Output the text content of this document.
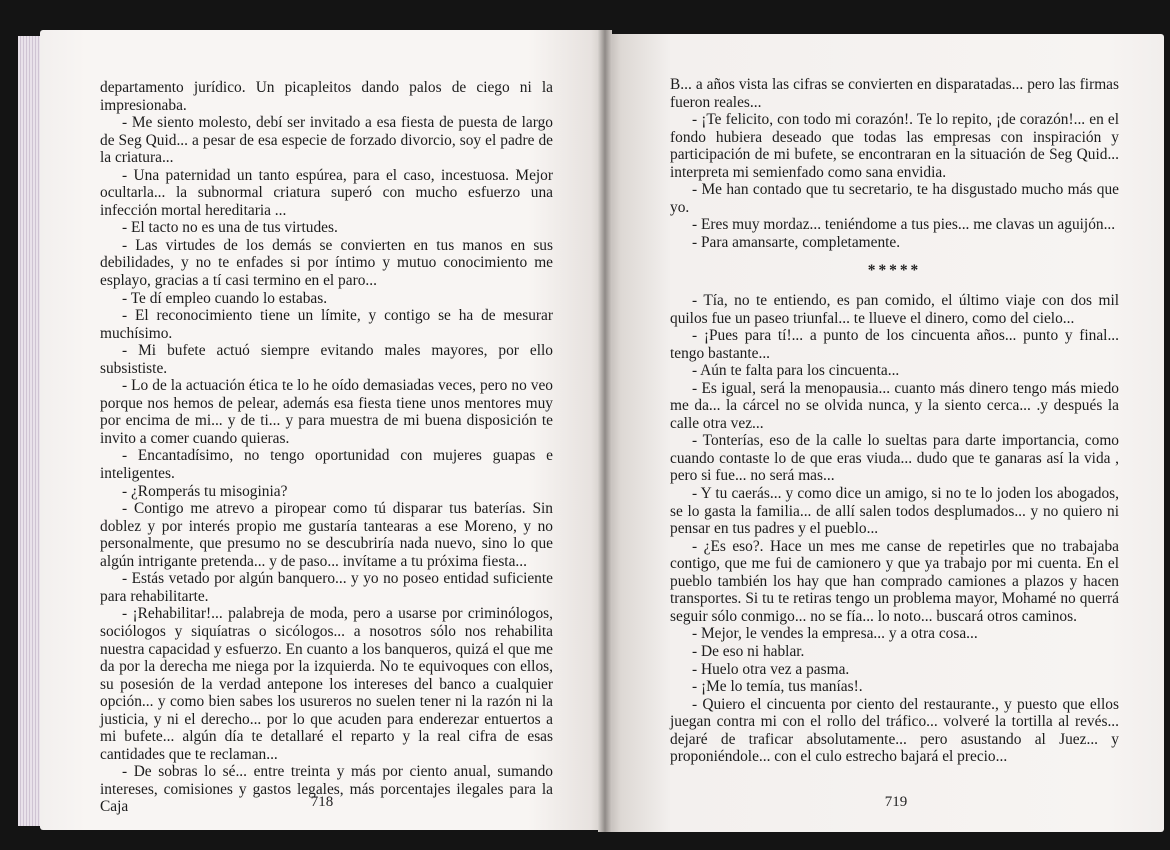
departamento jurídico. Un picapleitos dando palos de ciego ni la impresionaba.

- Me siento molesto, debí ser invitado a esa fiesta de puesta de largo de Seg Quid... a pesar de esa especie de forzado divorcio, soy el padre de la criatura...

- Una paternidad un tanto espúrea, para el caso, incestuosa. Mejor ocultarla... la subnormal criatura superó con mucho esfuerzo una infección mortal hereditaria ...

- El tacto no es una de tus virtudes.

- Las virtudes de los demás se convierten en tus manos en sus debilidades, y no te enfades si por íntimo y mutuo conocimiento me esplayo, gracias a tí casi termino en el paro...

- Te dí empleo cuando lo estabas.

- El reconocimiento tiene un límite, y contigo se ha de mesurar muchísimo.

- Mi bufete actuó siempre evitando males mayores, por ello subsististe.

- Lo de la actuación ética te lo he oído demasiadas veces, pero no veo porque nos hemos de pelear, además esa fiesta tiene unos mentores muy por encima de mi... y de ti... y para muestra de mi buena disposición te invito a comer cuando quieras.

- Encantadísimo, no tengo oportunidad con mujeres guapas e inteligentes.

- ¿Romperás tu misoginia?

- Contigo me atrevo a piropear como tú disparar tus baterías. Sin doblez y por interés propio me gustaría tantearas a ese Moreno, y no personalmente, que presumo no se descubriría nada nuevo, sino lo que algún intrigante pretenda... y de paso... invítame a tu próxima fiesta...

- Estás vetado por algún banquero... y yo no poseo entidad suficiente para rehabilitarte.

- ¡Rehabilitar!... palabreja de moda, pero a usarse por criminólogos, sociólogos y siquíatras o sicólogos... a nosotros sólo nos rehabilita nuestra capacidad y esfuerzo. En cuanto a los banqueros, quizá el que me da por la derecha me niega por la izquierda. No te equivoques con ellos, su posesión de la verdad antepone los intereses del banco a cualquier opción... y como bien sabes los usureros no suelen tener ni la razón ni la justicia, y ni el derecho... por lo que acuden para enderezar entuertos a mi bufete... algún día te detallaré el reparto y la real cifra de esas cantidades que te reclaman...

- De sobras lo sé... entre treinta y más por ciento anual, sumando intereses, comisiones y gastos legales, más porcentajes ilegales para la Caja	718

B... a años vista las cifras se convierten en disparatadas... pero las firmas fueron reales...

- ¡Te felicito, con todo mi corazón!. Te lo repito, ¡de corazón!... en el fondo hubiera deseado que todas las empresas con inspiración y participación de mi bufete, se encontraran en la situación de Seg Quid... interpreta mi semienfado como sana envidia.

- Me han contado que tu secretario, te ha disgustado mucho más que yo.

- Eres muy mordaz... teniéndome a tus pies... me clavas un aguijón...

- Para amansarte, completamente.

*****

- Tía, no te entiendo, es pan comido, el último viaje con dos mil quilos fue un paseo triunfal... te llueve el dinero, como del cielo...

- ¡Pues para tí!... a punto de los cincuenta años... punto y final... tengo bastante...

- Aún te falta para los cincuenta...

- Es igual, será la menopausia... cuanto más dinero tengo más miedo me da... la cárcel no se olvida nunca, y la siento cerca... .y después la calle otra vez...

- Tonterías, eso de la calle lo sueltas para darte importancia, como cuando contaste lo de que eras viuda... dudo que te ganaras así la vida , pero si fue... no será mas...

- Y tu caerás... y como dice un amigo, si no te lo joden los abogados, se lo gasta la familia... de allí salen todos desplumados... y no quiero ni pensar en tus padres y el pueblo...

- ¿Es eso?. Hace un mes me canse de repetirles que no trabajaba contigo, que me fui de camionero y que ya trabajo por mi cuenta. En el pueblo también los hay que han comprado camiones a plazos y hacen transportes. Si tu te retiras tengo un problema mayor, Mohamé no querrá seguir sólo conmigo... no se fía... lo noto... buscará otros caminos.

- Mejor, le vendes la empresa... y a otra cosa...

- De eso ni hablar.

- Huelo otra vez a pasma.

- ¡Me lo temía, tus manías!.

- Quiero el cincuenta por ciento del restaurante., y puesto que ellos juegan contra mi con el rollo del tráfico... volveré la tortilla al revés... dejaré de traficar absolutamente... pero asustando al Juez... y proponiéndole... con el culo estrecho bajará el precio...

719
